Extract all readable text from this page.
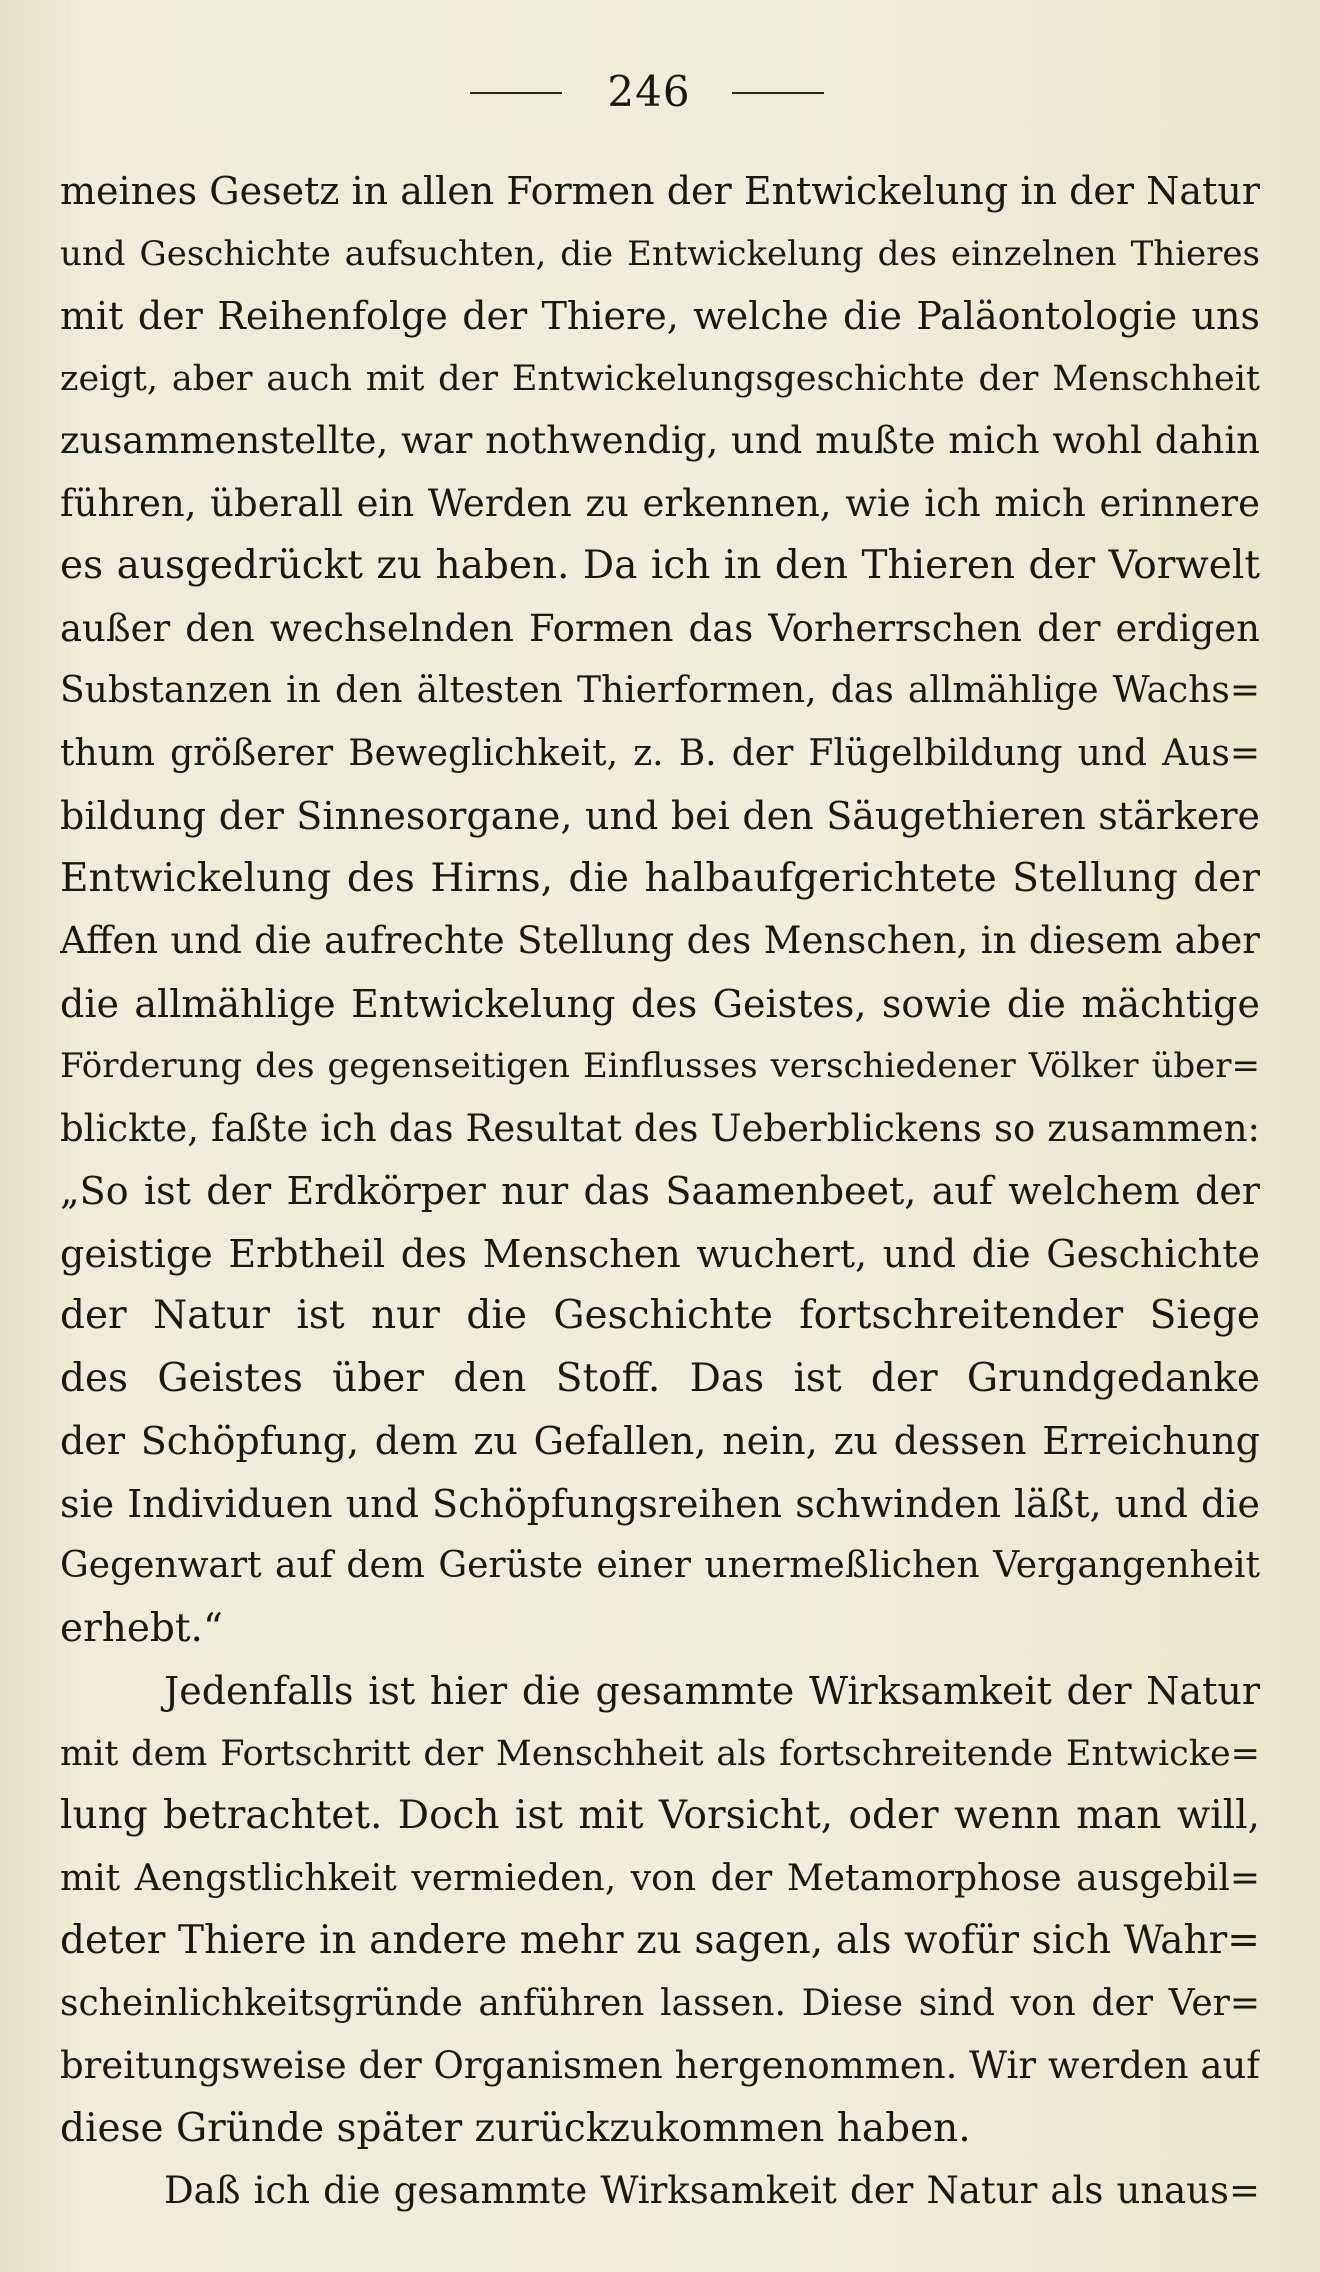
246
meines Gesetz in allen Formen der Entwickelung in der Natur
und Geschichte aufsuchten, die Entwickelung des einzelnen Thieres
mit der Reihenfolge der Thiere, welche die Paläontologie uns
zeigt, aber auch mit der Entwickelungsgeschichte der Menschheit
zusammenstellte, war nothwendig, und mußte mich wohl dahin
führen, überall ein Werden zu erkennen, wie ich mich erinnere
es ausgedrückt zu haben. Da ich in den Thieren der Vorwelt
außer den wechselnden Formen das Vorherrschen der erdigen
Substanzen in den ältesten Thierformen, das allmählige Wachs=
thum größerer Beweglichkeit, z. B. der Flügelbildung und Aus=
bildung der Sinnesorgane, und bei den Säugethieren stärkere
Entwickelung des Hirns, die halbaufgerichtete Stellung der
Affen und die aufrechte Stellung des Menschen, in diesem aber
die allmählige Entwickelung des Geistes, sowie die mächtige
Förderung des gegenseitigen Einflusses verschiedener Völker über=
blickte, faßte ich das Resultat des Ueberblickens so zusammen:
„So ist der Erdkörper nur das Saamenbeet, auf welchem der
geistige Erbtheil des Menschen wuchert, und die Geschichte
der Natur ist nur die Geschichte fortschreitender Siege
des Geistes über den Stoff. Das ist der Grundgedanke
der Schöpfung, dem zu Gefallen, nein, zu dessen Erreichung
sie Individuen und Schöpfungsreihen schwinden läßt, und die
Gegenwart auf dem Gerüste einer unermeßlichen Vergangenheit
erhebt.“
Jedenfalls ist hier die gesammte Wirksamkeit der Natur
mit dem Fortschritt der Menschheit als fortschreitende Entwicke=
lung betrachtet. Doch ist mit Vorsicht, oder wenn man will,
mit Aengstlichkeit vermieden, von der Metamorphose ausgebil=
deter Thiere in andere mehr zu sagen, als wofür sich Wahr=
scheinlichkeitsgründe anführen lassen. Diese sind von der Ver=
breitungsweise der Organismen hergenommen. Wir werden auf
diese Gründe später zurückzukommen haben.
Daß ich die gesammte Wirksamkeit der Natur als unaus=
